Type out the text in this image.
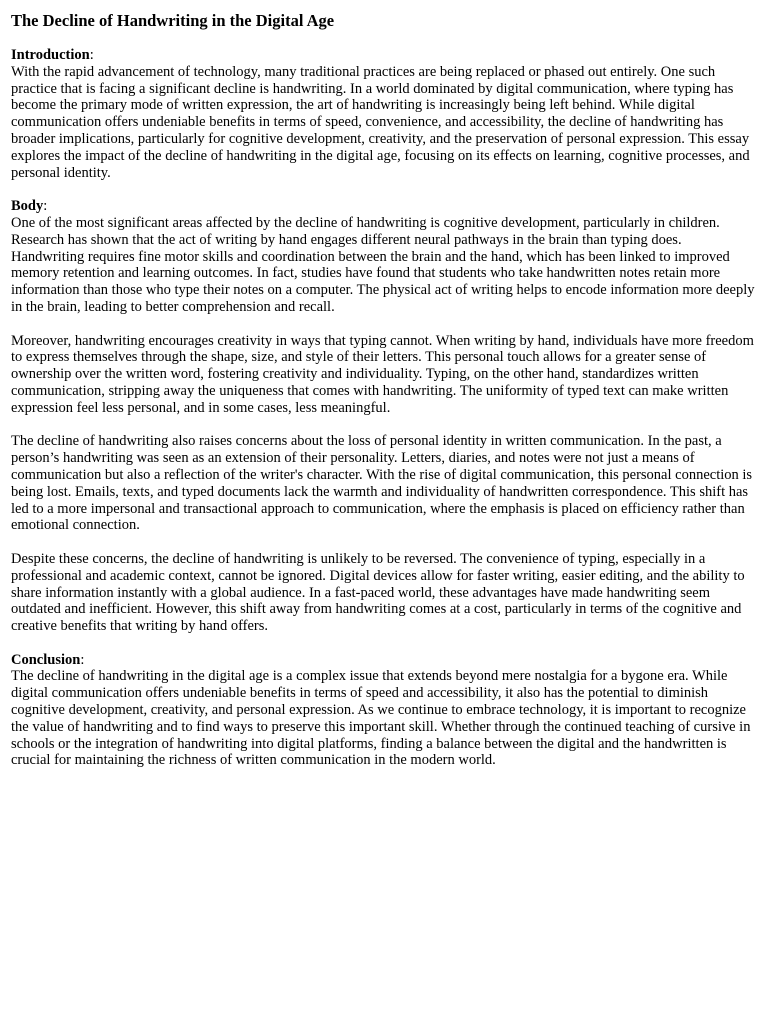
The Decline of Handwriting in the Digital Age
Introduction:

With the rapid advancement of technology, many traditional practices are being replaced or phased out entirely. One such practice that is facing a significant decline is handwriting. In a world dominated by digital communication, where typing has become the primary mode of written expression, the art of handwriting is increasingly being left behind. While digital communication offers undeniable benefits in terms of speed, convenience, and accessibility, the decline of handwriting has broader implications, particularly for cognitive development, creativity, and the preservation of personal expression. This essay explores the impact of the decline of handwriting in the digital age, focusing on its effects on learning, cognitive processes, and personal identity.

Body:

One of the most significant areas affected by the decline of handwriting is cognitive development, particularly in children. Research has shown that the act of writing by hand engages different neural pathways in the brain than typing does. Handwriting requires fine motor skills and coordination between the brain and the hand, which has been linked to improved memory retention and learning outcomes. In fact, studies have found that students who take handwritten notes retain more information than those who type their notes on a computer. The physical act of writing helps to encode information more deeply in the brain, leading to better comprehension and recall.

Moreover, handwriting encourages creativity in ways that typing cannot. When writing by hand, individuals have more freedom to express themselves through the shape, size, and style of their letters. This personal touch allows for a greater sense of ownership over the written word, fostering creativity and individuality. Typing, on the other hand, standardizes written communication, stripping away the uniqueness that comes with handwriting. The uniformity of typed text can make written expression feel less personal, and in some cases, less meaningful.

The decline of handwriting also raises concerns about the loss of personal identity in written communication. In the past, a person’s handwriting was seen as an extension of their personality. Letters, diaries, and notes were not just a means of communication but also a reflection of the writer's character. With the rise of digital communication, this personal connection is being lost. Emails, texts, and typed documents lack the warmth and individuality of handwritten correspondence. This shift has led to a more impersonal and transactional approach to communication, where the emphasis is placed on efficiency rather than emotional connection.

Despite these concerns, the decline of handwriting is unlikely to be reversed. The convenience of typing, especially in a professional and academic context, cannot be ignored. Digital devices allow for faster writing, easier editing, and the ability to share information instantly with a global audience. In a fast-paced world, these advantages have made handwriting seem outdated and inefficient. However, this shift away from handwriting comes at a cost, particularly in terms of the cognitive and creative benefits that writing by hand offers.

Conclusion:

The decline of handwriting in the digital age is a complex issue that extends beyond mere nostalgia for a bygone era. While digital communication offers undeniable benefits in terms of speed and accessibility, it also has the potential to diminish cognitive development, creativity, and personal expression. As we continue to embrace technology, it is important to recognize the value of handwriting and to find ways to preserve this important skill. Whether through the continued teaching of cursive in schools or the integration of handwriting into digital platforms, finding a balance between the digital and the handwritten is crucial for maintaining the richness of written communication in the modern world.
